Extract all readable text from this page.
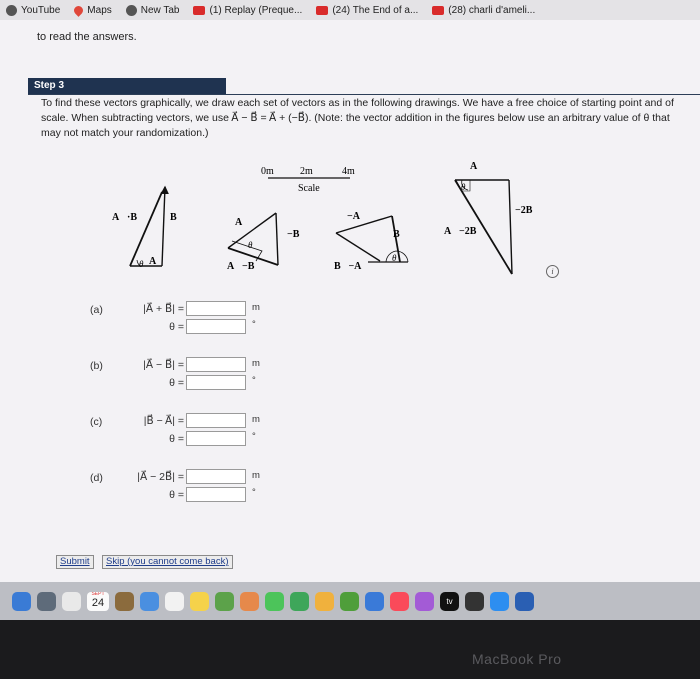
YouTube	Maps	New Tab	(1) Replay (Preque...	(24) The End of a...	(28) charli d'ameli...
to read the answers.
Step 3
To find these vectors graphically, we draw each set of vectors as in the following drawings. We have a free choice of starting point and of scale. When subtracting vectors, we use A⃗ − B⃗ = A⃗ + (−B⃗). (Note: the vector addition in the figures below use an arbitrary value of θ that may not match your randomization.)
0m	2m	4m
Scale
A⃗·B⃗	B⃗
A⃗
θ
A⃗
−B⃗
A⃗−B⃗
θ
−A⃗
B⃗
B⃗−A⃗
θ
A⃗
−2B⃗
A⃗−2B⃗
θ
i
(a)	|A⃗ + B⃗| =	m
θ =	°
(b)	|A⃗ − B⃗| =	m
θ =	°
(c)	|B⃗ − A⃗| =	m
θ =	°
(d)	|A⃗ − 2B⃗| =	m
θ =	°
Submit	Skip (you cannot come back)
SEPT
24	tv
MacBook Pro
